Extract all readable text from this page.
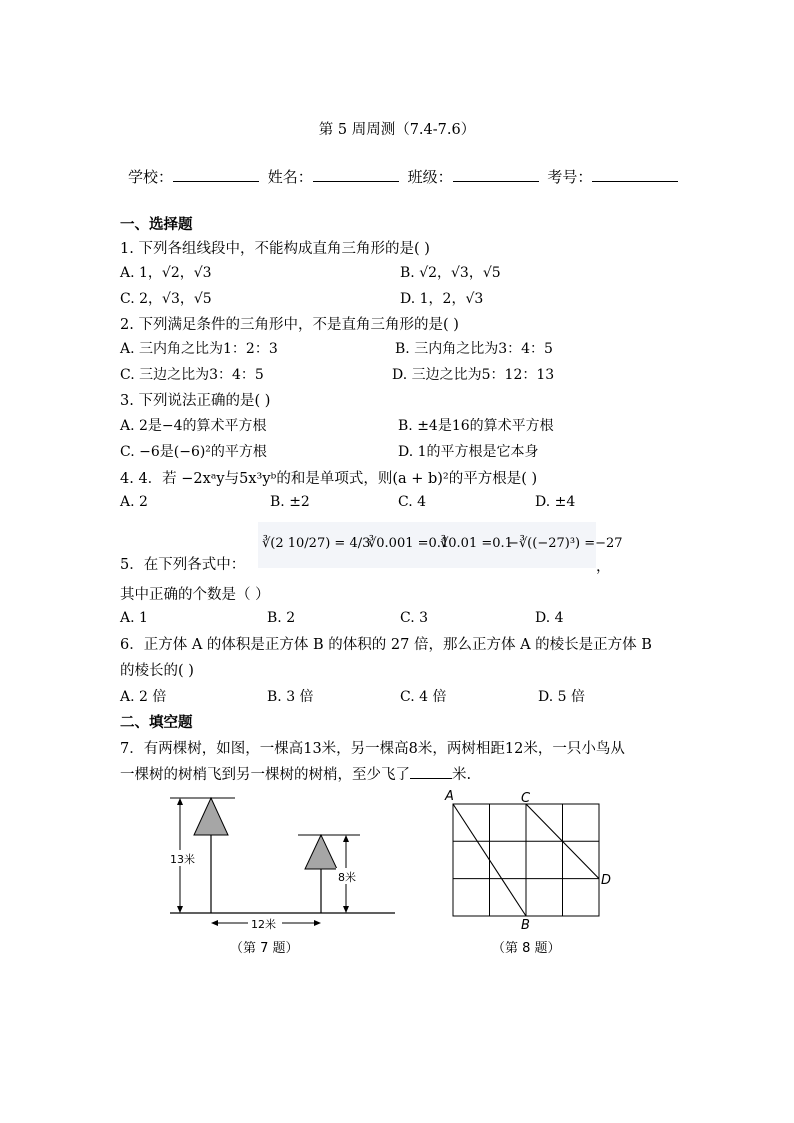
第 5 周周测（7.4-7.6）
学校：	姓名：	班级：	考号：
一、选择题
1. 下列各组线段中，不能构成直角三角形的是( )
A. 1，√2，√3	B. √2，√3，√5
C. 2，√3，√5	D. 1，2，√3
2. 下列满足条件的三角形中，不是直角三角形的是( )
A. 三内角之比为1：2：3	B. 三内角之比为3：4：5
C. 三边之比为3：4：5	D. 三边之比为5：12：13
3. 下列说法正确的是( )
A. 2是−4的算术平方根	B. ±4是16的算术平方根
C. −6是(−6)²的平方根	D. 1的平方根是它本身
4. 4．若 −2xᵃy与5x³yᵇ的和是单项式，则(a + b)²的平方根是( )
A. 2	B. ±2	C. 4	D. ±4
5．在下列各式中：
∛(2 10/27) = 4/3
∛0.001 =0.1
∛0.01 =0.1
−∛((−27)³) =−27
，
其中正确的个数是（ ）
A. 1	B. 2	C. 3	D. 4
6．正方体 A 的体积是正方体 B 的体积的 27 倍，那么正方体 A 的棱长是正方体 B
的棱长的( )
A. 2 倍	B. 3 倍	C. 4 倍	D. 5 倍
二、填空题
7．有两棵树，如图，一棵高13米，另一棵高8米，两树相距12米，一只小鸟从
一棵树的树梢飞到另一棵树的树梢，至少飞了	米.
13米
8米
12米
（第 7 题）
A	C
D
B
（第 8 题）
